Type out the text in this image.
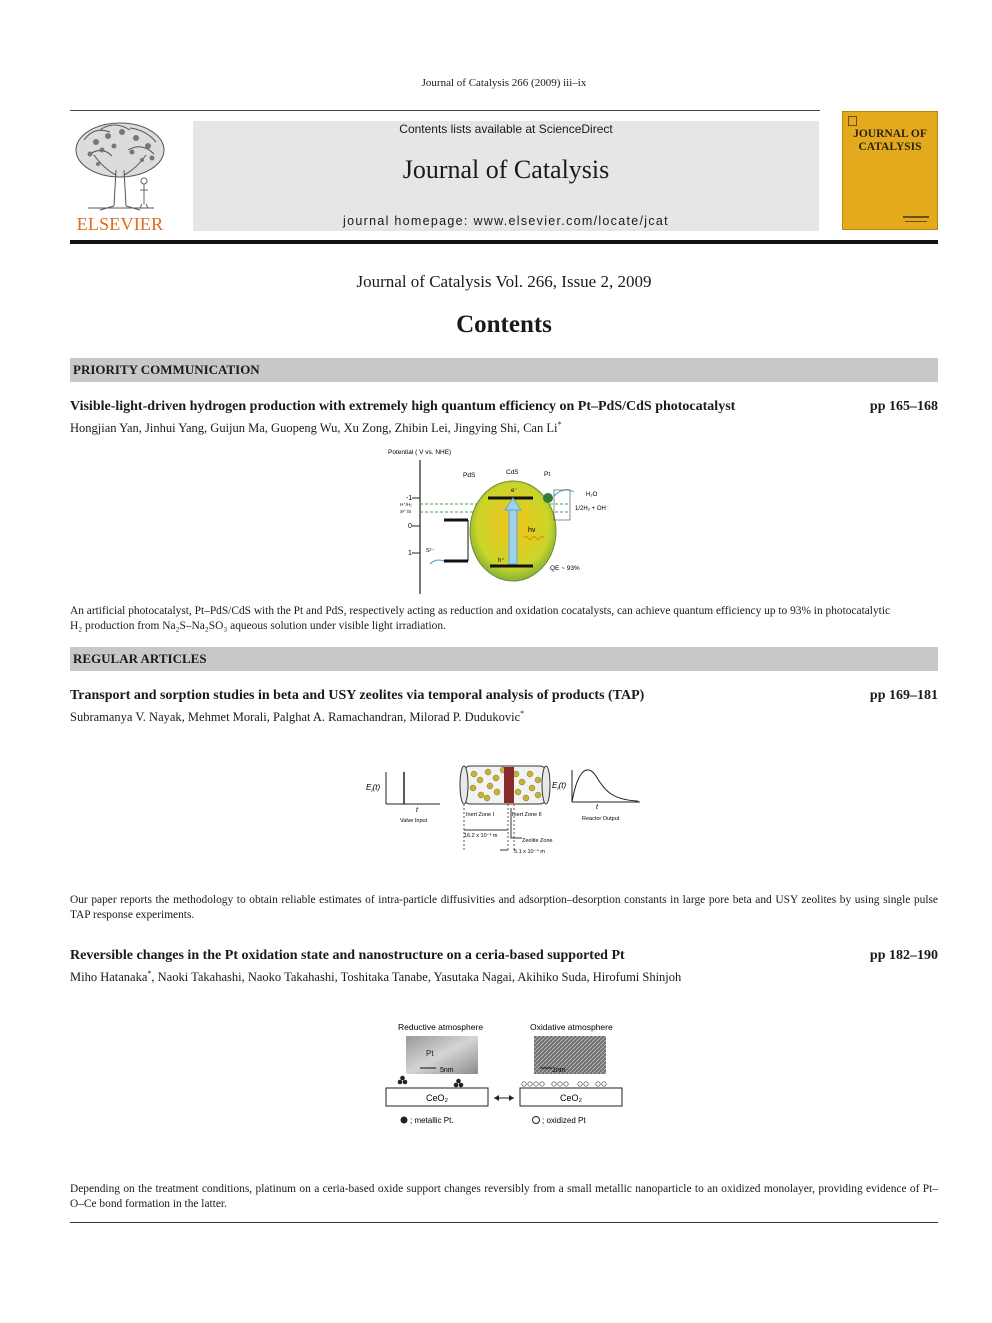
Journal of Catalysis 266 (2009) iii–ix
ELSEVIER
Contents lists available at ScienceDirect
Journal of Catalysis
journal homepage: www.elsevier.com/locate/jcat
JOURNAL OF
CATALYSIS
Journal of Catalysis Vol. 266, Issue 2, 2009
Contents
PRIORITY COMMUNICATION
Visible-light-driven hydrogen production with extremely high quantum efficiency on Pt–PdS/CdS photocatalyst	pp 165–168
Hongjian Yan, Jinhui Yang, Guijun Ma, Guopeng Wu, Xu Zong, Zhibin Lei, Jingying Shi, Can Li*
Potential ( V vs. NHE)
-1
0
1
H⁺/H₂
S²⁻/S
PdS	CdS	Pt
e⁻
h⁺
hν
QE ~ 93%
S²⁻
H₂O
1/2H₂ + OH⁻
An artificial photocatalyst, Pt–PdS/CdS with the Pt and PdS, respectively acting as reduction and oxidation cocatalysts, can achieve quantum efficiency up to 93% in photocatalytic
H₂ production from Na₂S–Na₂SO₃ aqueous solution under visible light irradiation.
REGULAR ARTICLES
Transport and sorption studies in beta and USY zeolites via temporal analysis of products (TAP)	pp 169–181
Subramanya V. Nayak, Mehmet Morali, Palghat A. Ramachandran, Milorad P. Dudukovic*
$E_i(t)$
t
Valve Input
$E_i(t)$
t
Reactor Output
Inert Zone I	Inert Zone II
16.2 x 10⁻³ m
Zeolite Zone
5.1 x 10⁻⁴ m
Our paper reports the methodology to obtain reliable estimates of intra-particle diffusivities and adsorption–desorption constants in large pore beta and USY zeolites by using single pulse TAP response experiments.
Reversible changes in the Pt oxidation state and nanostructure on a ceria-based supported Pt	pp 182–190
Miho Hatanaka*, Naoki Takahashi, Naoko Takahashi, Toshitaka Tanabe, Yasutaka Nagai, Akihiko Suda, Hirofumi Shinjoh
Reductive atmosphere	Oxidative atmosphere
Pt
5nm	1nm
CeO₂	CeO₂
; metallic Pt.	; oxidized Pt
Depending on the treatment conditions, platinum on a ceria-based oxide support changes reversibly from a small metallic nanoparticle to an oxidized monolayer, providing evidence of Pt–O–Ce bond formation in the latter.
